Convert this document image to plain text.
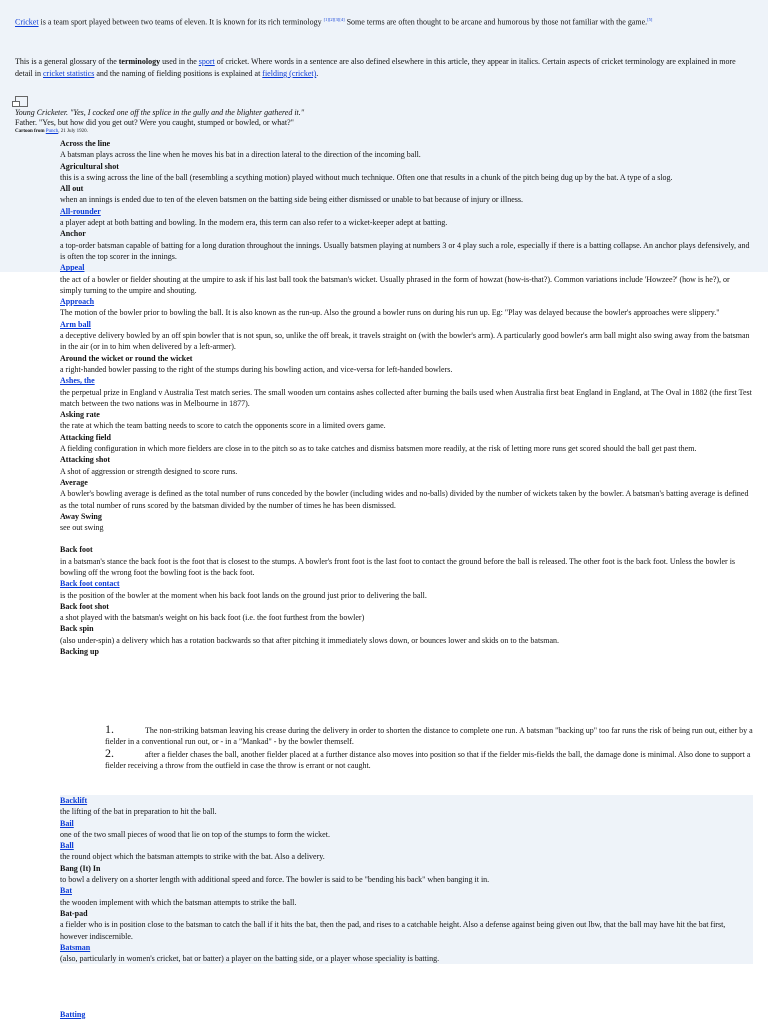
Cricket is a team sport played between two teams of eleven. It is known for its rich terminology [1][2][3][4] Some terms are often thought to be arcane and humorous by those not familiar with the game.[5]
This is a general glossary of the terminology used in the sport of cricket. Where words in a sentence are also defined elsewhere in this article, they appear in italics. Certain aspects of cricket terminology are explained in more detail in cricket statistics and the naming of fielding positions is explained at fielding (cricket).
Young Cricketer. "Yes, I cocked one off the splice in the gully and the blighter gathered it."
Father. "Yes, but how did you get out? Were you caught, stumped or bowled, or what?"
Cartoon from Punch, 21 July 1920.
Across the line
A batsman plays across the line when he moves his bat in a direction lateral to the direction of the incoming ball.
Agricultural shot
this is a swing across the line of the ball (resembling a scything motion) played without much technique. Often one that results in a chunk of the pitch being dug up by the bat. A type of a slog.
All out
when an innings is ended due to ten of the eleven batsmen on the batting side being either dismissed or unable to bat because of injury or illness.
All-rounder
a player adept at both batting and bowling. In the modern era, this term can also refer to a wicket-keeper adept at batting.
Anchor
a top-order batsman capable of batting for a long duration throughout the innings. Usually batsmen playing at numbers 3 or 4 play such a role, especially if there is a batting collapse. An anchor plays defensively, and is often the top scorer in the innings.
Appeal
the act of a bowler or fielder shouting at the umpire to ask if his last ball took the batsman's wicket. Usually phrased in the form of howzat (how-is-that?). Common variations include 'Howzee?' (how is he?), or simply turning to the umpire and shouting.
Approach
The motion of the bowler prior to bowling the ball. It is also known as the run-up. Also the ground a bowler runs on during his run up. Eg: "Play was delayed because the bowler's approaches were slippery."
Arm ball
a deceptive delivery bowled by an off spin bowler that is not spun, so, unlike the off break, it travels straight on (with the bowler's arm). A particularly good bowler's arm ball might also swing away from the batsman in the air (or in to him when delivered by a left-armer).
Around the wicket or round the wicket
a right-handed bowler passing to the right of the stumps during his bowling action, and vice-versa for left-handed bowlers.
Ashes, the
the perpetual prize in England v Australia Test match series. The small wooden urn contains ashes collected after burning the bails used when Australia first beat England in England, at The Oval in 1882 (the first Test match between the two nations was in Melbourne in 1877).
Asking rate
the rate at which the team batting needs to score to catch the opponents score in a limited overs game.
Attacking field
A fielding configuration in which more fielders are close in to the pitch so as to take catches and dismiss batsmen more readily, at the risk of letting more runs get scored should the ball get past them.
Attacking shot
A shot of aggression or strength designed to score runs.
Average
A bowler's bowling average is defined as the total number of runs conceded by the bowler (including wides and no-balls) divided by the number of wickets taken by the bowler. A batsman's batting average is defined as the total number of runs scored by the batsman divided by the number of times he has been dismissed.
Away Swing
see out swing
Back foot
in a batsman's stance the back foot is the foot that is closest to the stumps. A bowler's front foot is the last foot to contact the ground before the ball is released. The other foot is the back foot. Unless the bowler is bowling off the wrong foot the bowling foot is the back foot.
Back foot contact
is the position of the bowler at the moment when his back foot lands on the ground just prior to delivering the ball.
Back foot shot
a shot played with the batsman's weight on his back foot (i.e. the foot furthest from the bowler)
Back spin
(also under-spin) a delivery which has a rotation backwards so that after pitching it immediately slows down, or bounces lower and skids on to the batsman.
Backing up
1.	The non-striking batsman leaving his crease during the delivery in order to shorten the distance to complete one run. A batsman "backing up" too far runs the risk of being run out, either by a fielder in a conventional run out, or - in a "Mankad" - by the bowler themself.
2.	after a fielder chases the ball, another fielder placed at a further distance also moves into position so that if the fielder mis-fields the ball, the damage done is minimal. Also done to support a fielder receiving a throw from the outfield in case the throw is errant or not caught.
Backlift
the lifting of the bat in preparation to hit the ball.
Bail
one of the two small pieces of wood that lie on top of the stumps to form the wicket.
Ball
the round object which the batsman attempts to strike with the bat. Also a delivery.
Bang (It) In
to bowl a delivery on a shorter length with additional speed and force. The bowler is said to be "bending his back" when banging it in.
Bat
the wooden implement with which the batsman attempts to strike the ball.
Bat-pad
a fielder who is in position close to the batsman to catch the ball if it hits the bat, then the pad, and rises to a catchable height. Also a defense against being given out lbw, that the ball may have hit the bat first, however indiscernible.
Batsman
(also, particularly in women's cricket, bat or batter) a player on the batting side, or a player whose speciality is batting.
Batting
